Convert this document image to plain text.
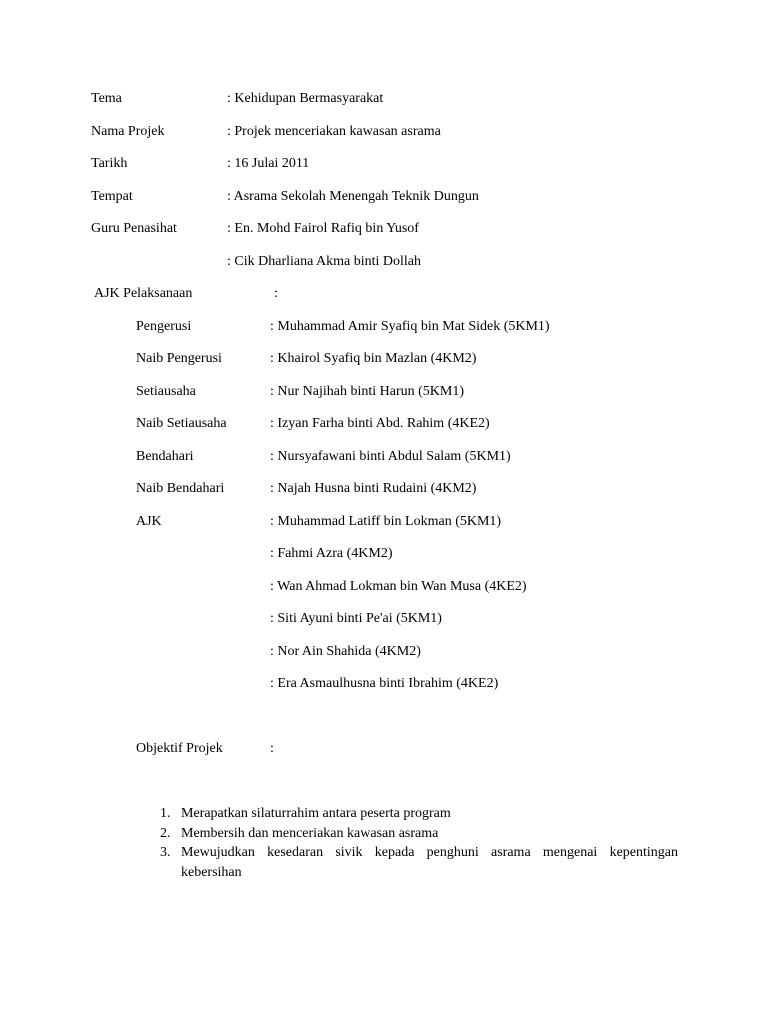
Tema	: Kehidupan Bermasyarakat
Nama Projek	: Projek menceriakan kawasan asrama
Tarikh	: 16 Julai 2011
Tempat	: Asrama Sekolah Menengah Teknik Dungun
Guru Penasihat	: En. Mohd Fairol Rafiq bin Yusof
: Cik Dharliana Akma binti Dollah
AJK Pelaksanaan	:
Pengerusi	: Muhammad Amir Syafiq bin Mat Sidek (5KM1)
Naib Pengerusi	: Khairol Syafiq bin Mazlan (4KM2)
Setiausaha	: Nur Najihah binti Harun (5KM1)
Naib Setiausaha	: Izyan Farha binti Abd. Rahim (4KE2)
Bendahari	: Nursyafawani binti Abdul Salam (5KM1)
Naib Bendahari	: Najah Husna binti Rudaini (4KM2)
AJK	: Muhammad Latiff bin Lokman (5KM1)
: Fahmi Azra (4KM2)
: Wan Ahmad Lokman bin Wan Musa (4KE2)
: Siti Ayuni binti Pe'ai (5KM1)
: Nor Ain Shahida (4KM2)
: Era Asmaulhusna binti Ibrahim (4KE2)
Objektif Projek	:
1. Merapatkan silaturrahim antara peserta program
2. Membersih dan menceriakan kawasan asrama
3. Mewujudkan kesedaran sivik kepada penghuni asrama mengenai kepentingan kebersihan
